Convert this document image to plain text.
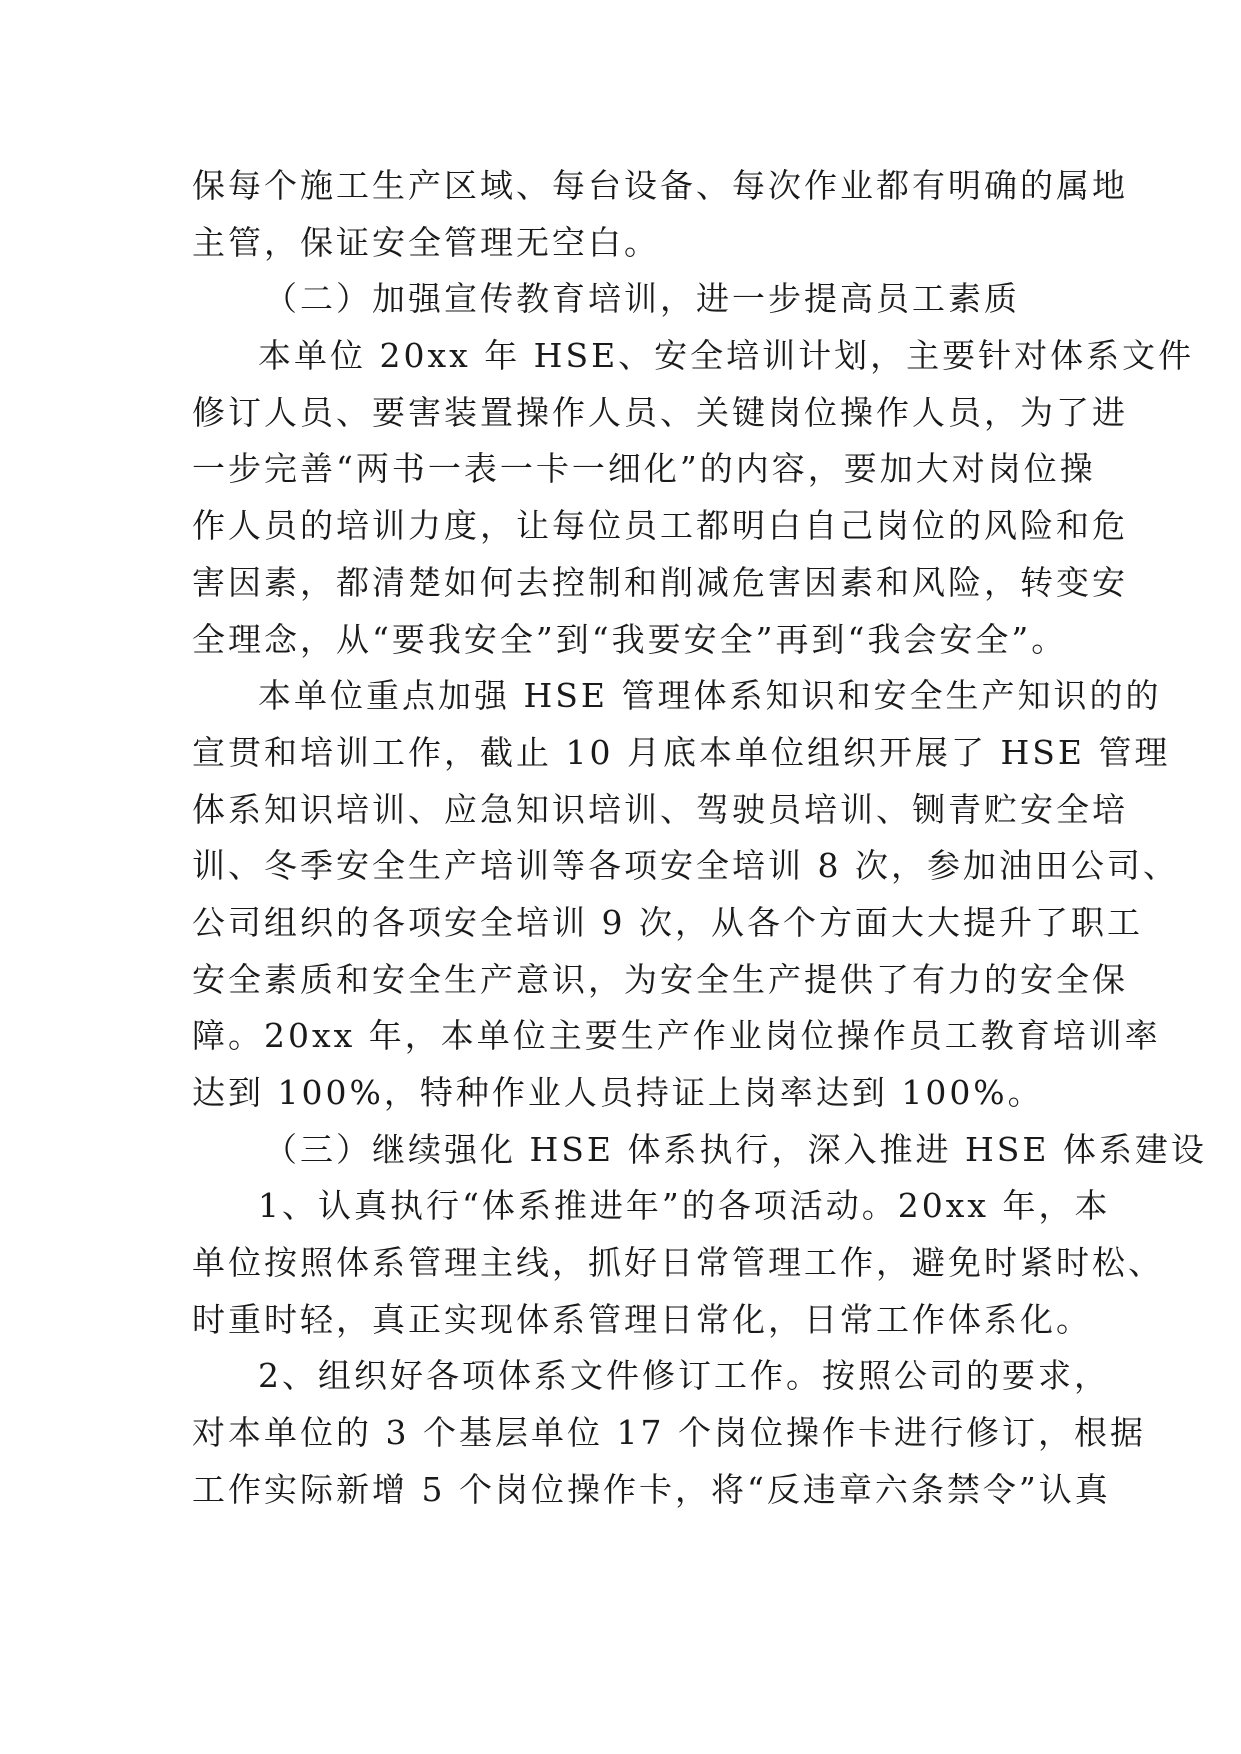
保每个施工生产区域、每台设备、每次作业都有明确的属地
主管，保证安全管理无空白。
（二）加强宣传教育培训，进一步提高员工素质
本单位 20xx 年 HSE、安全培训计划，主要针对体系文件
修订人员、要害装置操作人员、关键岗位操作人员，为了进
一步完善“两书一表一卡一细化”的内容，要加大对岗位操
作人员的培训力度，让每位员工都明白自己岗位的风险和危
害因素，都清楚如何去控制和削减危害因素和风险，转变安
全理念，从“要我安全”到“我要安全”再到“我会安全”。
本单位重点加强 HSE 管理体系知识和安全生产知识的的
宣贯和培训工作，截止 10 月底本单位组织开展了 HSE 管理
体系知识培训、应急知识培训、驾驶员培训、铡青贮安全培
训、冬季安全生产培训等各项安全培训 8 次，参加油田公司、
公司组织的各项安全培训 9 次，从各个方面大大提升了职工
安全素质和安全生产意识，为安全生产提供了有力的安全保
障。20xx 年，本单位主要生产作业岗位操作员工教育培训率
达到 100%，特种作业人员持证上岗率达到 100%。
（三）继续强化 HSE 体系执行，深入推进 HSE 体系建设
1、认真执行“体系推进年”的各项活动。20xx 年，本
单位按照体系管理主线，抓好日常管理工作，避免时紧时松、
时重时轻，真正实现体系管理日常化，日常工作体系化。
2、组织好各项体系文件修订工作。按照公司的要求，
对本单位的 3 个基层单位 17 个岗位操作卡进行修订，根据
工作实际新增 5 个岗位操作卡，将“反违章六条禁令”认真
